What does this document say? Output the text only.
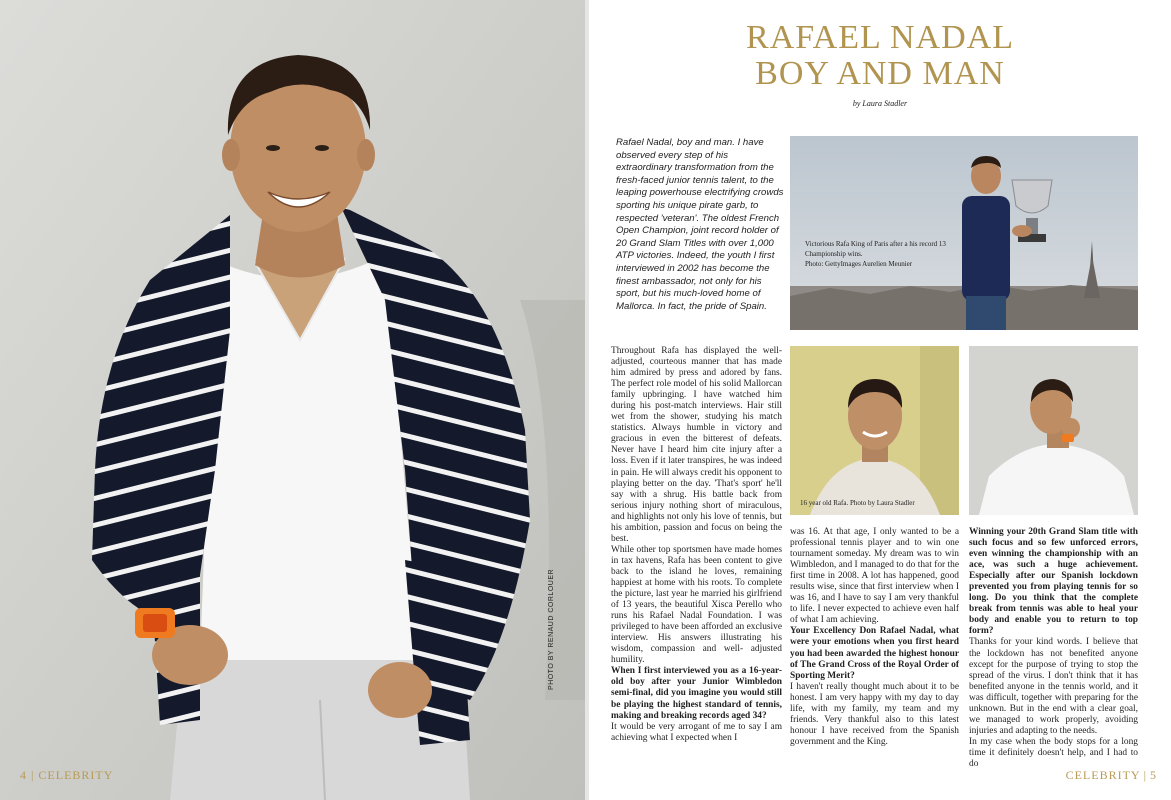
PHOTO BY RENAUD CORLOUER
4 | CELEBRITY
RAFAEL NADAL
BOY AND MAN
by Laura Stadler
Rafael Nadal, boy and man. I have observed every step of his extraordinary transformation from the fresh-faced junior tennis talent, to the leaping powerhouse electrifying crowds sporting his unique pirate garb, to respected 'veteran'. The oldest French Open Champion, joint record holder of 20 Grand Slam Titles with over 1,000 ATP victories. Indeed, the youth I first interviewed in 2002 has become the finest ambassador, not only for his sport, but his much-loved home of Mallorca. In fact, the pride of Spain.
Victorious Rafa King of Paris after a his record 13 Championship wins.
Photo: GettyImages Aurelien Meunier
16 year old Rafa. Photo by Laura Stadler

Throughout Rafa has displayed the well-adjusted, courteous manner that has made him admired by press and adored by fans. The perfect role model of his solid Mallorcan family upbringing. I have watched him during his post-match interviews. Hair still wet from the shower, studying his match statistics. Always humble in victory and gracious in even the bitterest of defeats. Never have I heard him cite injury after a loss. Even if it later transpires, he was indeed in pain. He will always credit his opponent to playing better on the day. 'That's sport' he'll say with a shrug. His battle back from serious injury nothing short of miraculous, and highlights not only his love of tennis, but his ambition, passion and focus on being the best.

While other top sportsmen have made homes in tax havens, Rafa has been content to give back to the island he loves, remaining happiest at home with his roots. To complete the picture, last year he married his girlfriend of 13 years, the beautiful Xisca Perello who runs his Rafael Nadal Foundation. I was privileged to have been afforded an exclusive interview. His answers illustrating his wisdom, compassion and well- adjusted humility.

When I first interviewed you as a 16-year-old boy after your Junior Wimbledon semi-final, did you imagine you would still be playing the highest standard of tennis, making and breaking records aged 34?

It would be very arrogant of me to say I am achieving what I expected when I

was 16. At that age, I only wanted to be a professional tennis player and to win one tournament someday. My dream was to win Wimbledon, and I managed to do that for the first time in 2008. A lot has happened, good results wise, since that first interview when I was 16, and I have to say I am very thankful to life. I never expected to achieve even half of what I am achieving.

Your Excellency Don Rafael Nadal, what were your emotions when you first heard you had been awarded the highest honour of The Grand Cross of the Royal Order of Sporting Merit?

I haven't really thought much about it to be honest. I am very happy with my day to day life, with my family, my team and my friends. Very thankful also to this latest honour I have received from the Spanish government and the King.

Winning your 20th Grand Slam title with such focus and so few unforced errors, even winning the championship with an ace, was such a huge achievement. Especially after our Spanish lockdown prevented you from playing tennis for so long. Do you think that the complete break from tennis was able to heal your body and enable you to return to top form?

Thanks for your kind words. I believe that the lockdown has not benefited anyone except for the purpose of trying to stop the spread of the virus. I don't think that it has benefited anyone in the tennis world, and it was difficult, together with preparing for the unknown. But in the end with a clear goal, we managed to work properly, avoiding injuries and adapting to the needs.

In my case when the body stops for a long time it definitely doesn't help, and I had to do

CELEBRITY | 5
